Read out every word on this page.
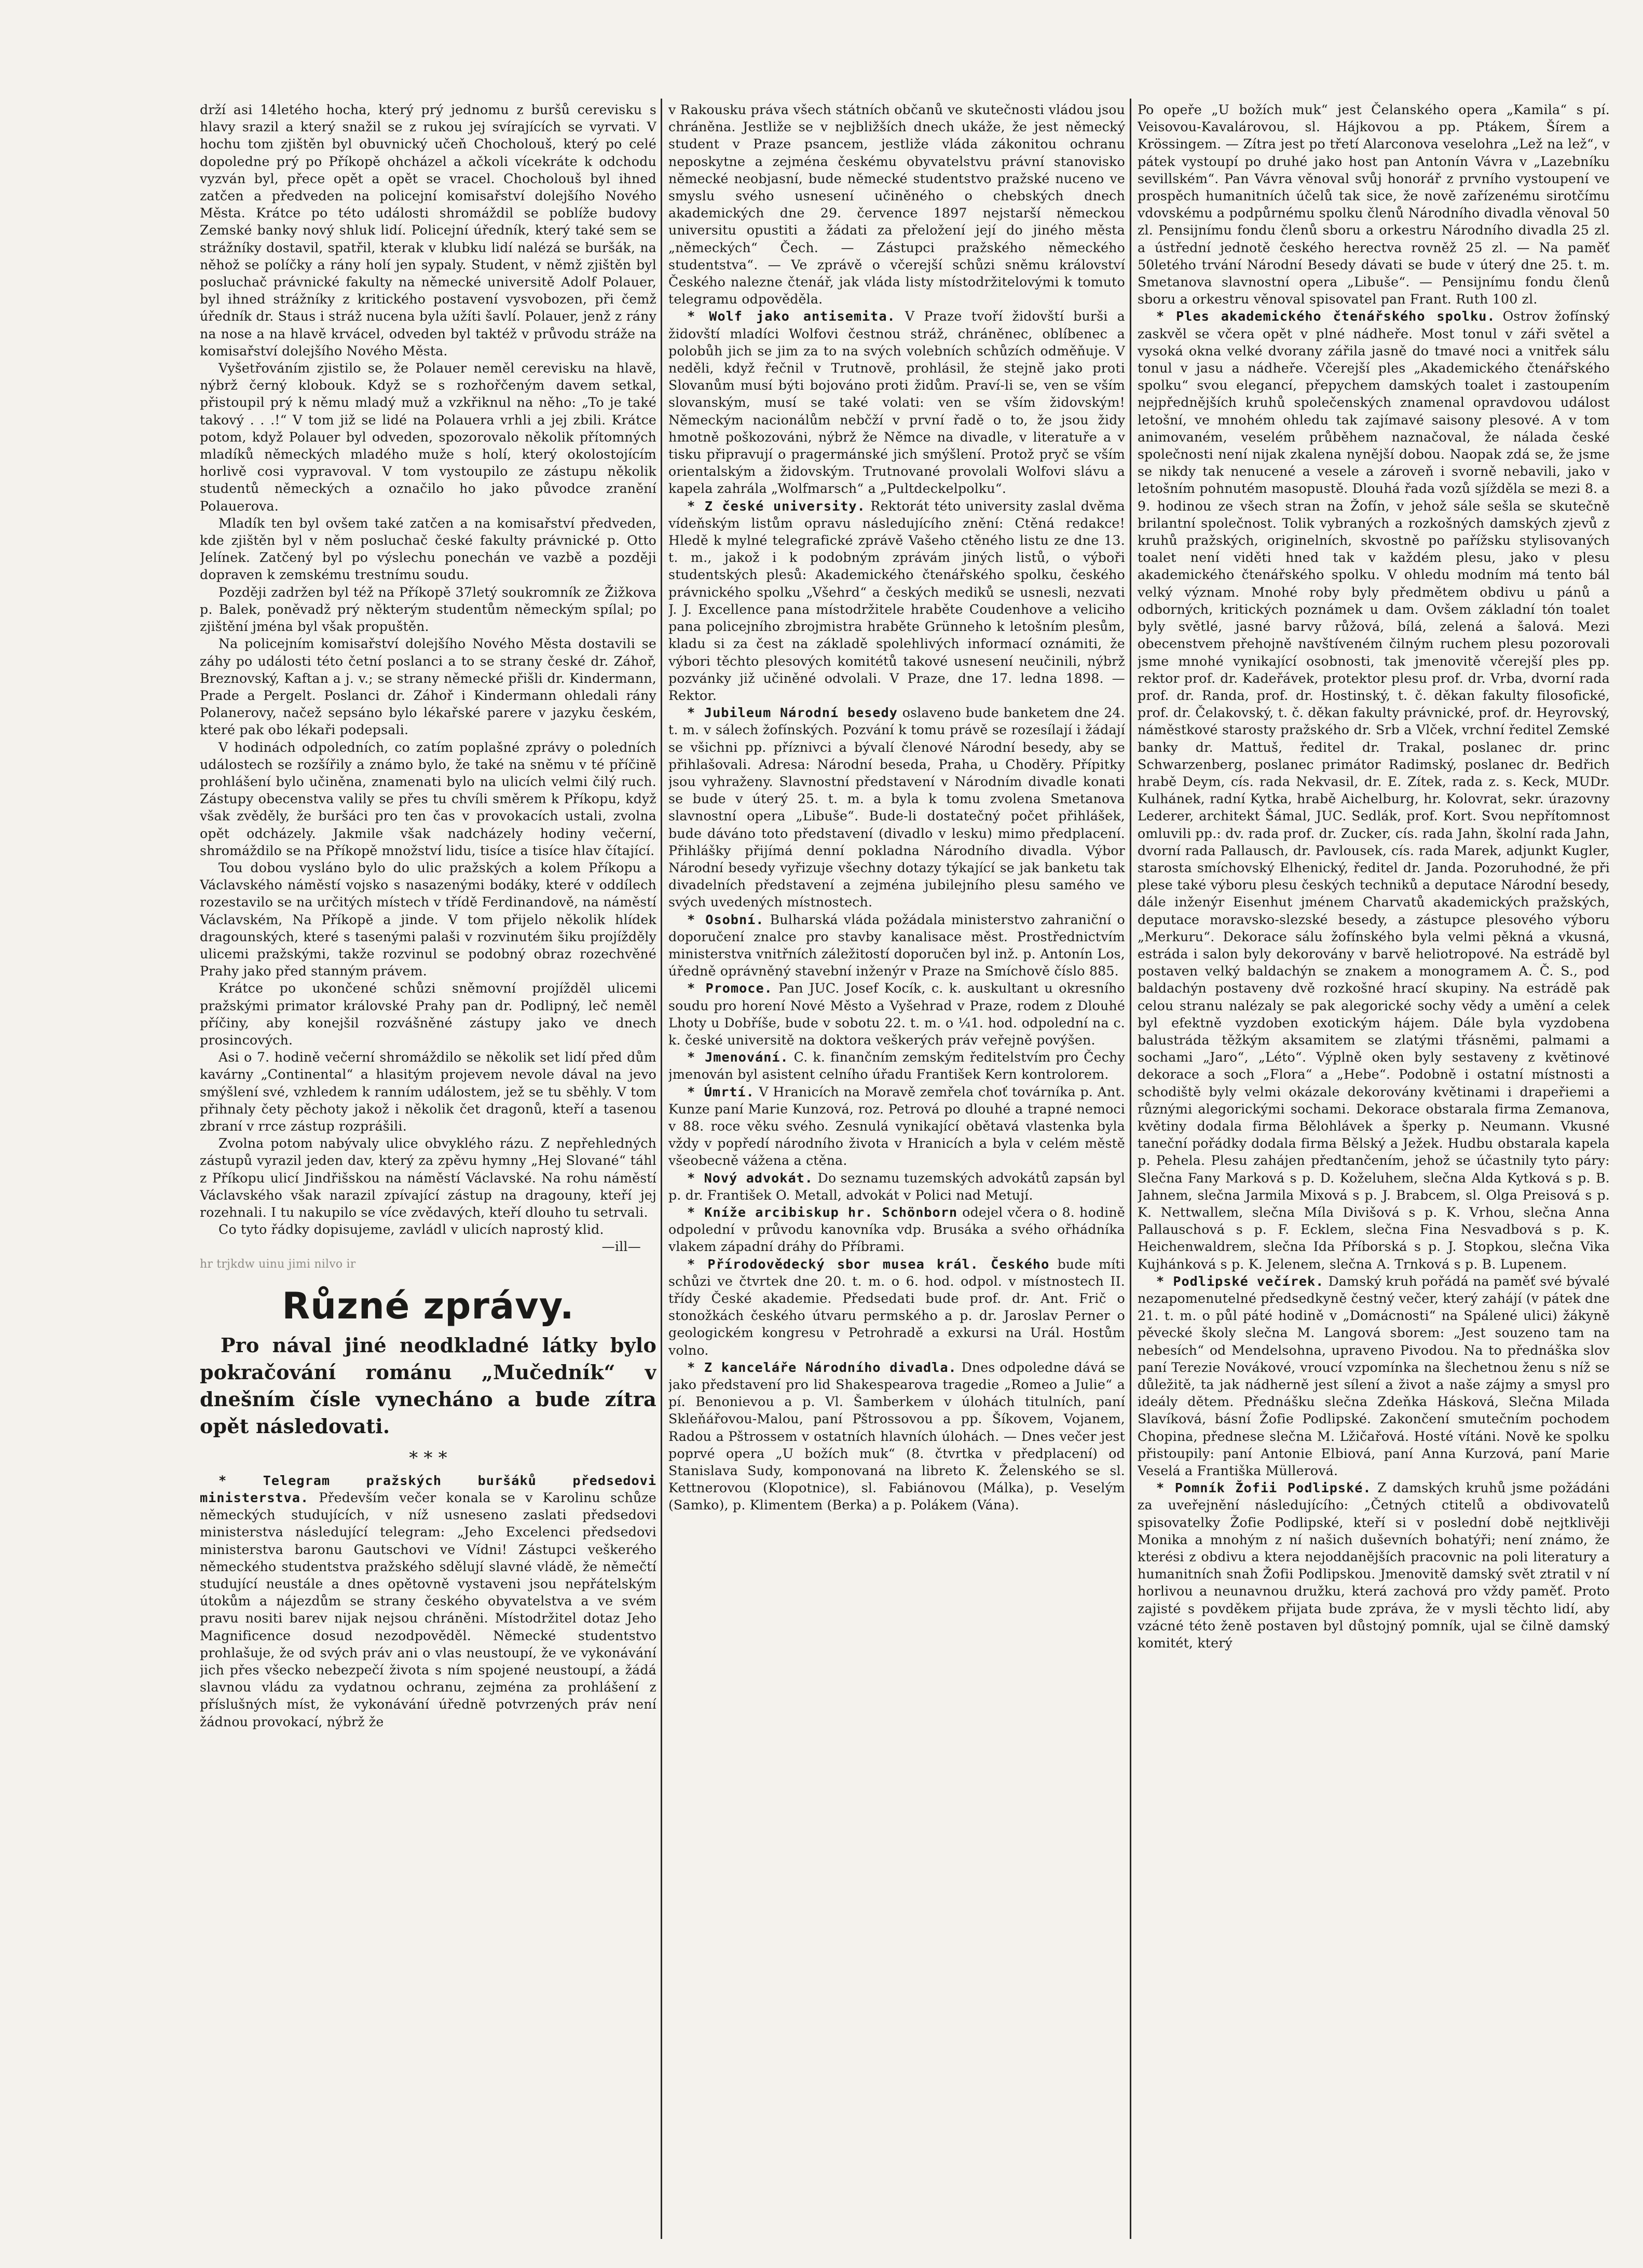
drží asi 14letého hocha, který prý jednomu z buršů cerevisku s hlavy srazil a který snažil se z rukou jej svírajících se vyrvati. V hochu tom zjištěn byl obuvnický učeň Chocholouš, který po celé dopoledne prý po Příkopě ohcházel a ačkoli vícekráte k odchodu vyzván byl, přece opět a opět se vracel. Chocholouš byl ihned zatčen a předveden na policejní komisařství dolejšího Nového Města. Krátce po této události shromáždil se poblíže budovy Zemské banky nový shluk lidí. Policejní úředník, který také sem se strážníky dostavil, spatřil, kterak v klubku lidí nalézá se buršák, na něhož se políčky a rány holí jen sypaly. Student, v němž zjištěn byl posluchač právnické fakulty na německé universitě Adolf Polauer, byl ihned strážníky z kritického postavení vysvobozen, při čemž úředník dr. Staus i stráž nucena byla užíti šavlí. Polauer, jenž z rány na nose a na hlavě krvácel, odveden byl taktéž v průvodu stráže na komisařství dolejšího Nového Města.

Vyšetřováním zjistilo se, že Polauer neměl cerevisku na hlavě, nýbrž černý klobouk. Když se s rozhořčeným davem setkal, přistoupil prý k němu mladý muž a vzkřiknul na něho: „To je také takový . . .!“ V tom již se lidé na Polauera vrhli a jej zbili. Krátce potom, když Polauer byl odveden, spozorovalo několik přítomných mladíků německých mladého muže s holí, který okolostojícím horlivě cosi vypravoval. V tom vystoupilo ze zástupu několik studentů německých a označilo ho jako původce zranění Polauerova.

Mladík ten byl ovšem také zatčen a na komisařství předveden, kde zjištěn byl v něm posluchač české fakulty právnické p. Otto Jelínek. Zatčený byl po výslechu ponechán ve vazbě a později dopraven k zemskému trestnímu soudu.

Později zadržen byl též na Příkopě 37letý soukromník ze Žižkova p. Balek, poněvadž prý některým studentům německým spílal; po zjištění jména byl však propuštěn.

Na policejním komisařství dolejšího Nového Města dostavili se záhy po události této četní poslanci a to se strany české dr. Záhoř, Breznovský, Kaftan a j. v.; se strany německé přišli dr. Kindermann, Prade a Pergelt. Poslanci dr. Záhoř i Kindermann ohledali rány Polanerovy, načež sepsáno bylo lékařské parere v jazyku českém, které pak obo lékaři podepsali.

V hodinách odpoledních, co zatím poplašné zprávy o poledních událostech se rozšířily a známo bylo, že také na sněmu v té příčině prohlášení bylo učiněna, znamenati bylo na ulicích velmi čilý ruch. Zástupy obecenstva valily se přes tu chvíli směrem k Příkopu, když však zvěděly, že buršáci pro ten čas v provokacích ustali, zvolna opět odcházely. Jakmile však nadcházely hodiny večerní, shromáždilo se na Příkopě množství lidu, tisíce a tisíce hlav čítající.

Tou dobou vysláno bylo do ulic pražských a kolem Příkopu a Václavského náměstí vojsko s nasazenými bodáky, které v oddílech rozestavilo se na určitých místech v třídě Ferdinandově, na náměstí Václavském, Na Příkopě a jinde. V tom přijelo několik hlídek dragounských, které s tasenými palaši v rozvinutém šiku projížděly ulicemi pražskými, takže rozvinul se podobný obraz rozechvěné Prahy jako před stanným právem.

Krátce po ukončené schůzi sněmovní projížděl ulicemi pražskými primator královské Prahy pan dr. Podlipný, leč neměl příčiny, aby konejšil rozvášněné zástupy jako ve dnech prosincových.

Asi o 7. hodině večerní shromáždilo se několik set lidí před dům kavárny „Continental“ a hlasitým projevem nevole dával na jevo smýšlení své, vzhledem k ranním událostem, jež se tu sběhly. V tom přihnaly čety pěchoty jakož i několik čet dragonů, kteří a tasenou zbraní v rrce zástup rozprášili.

Zvolna potom nabývaly ulice obvyklého rázu. Z nepřehledných zástupů vyrazil jeden dav, který za zpěvu hymny „Hej Slované“ táhl z Příkopu ulicí Jindřišskou na náměstí Václavské. Na rohu náměstí Václavského však narazil zpívající zástup na dragouny, kteří jej rozehnali. I tu nakupilo se více zvědavých, kteří dlouho tu setrvali.

Co tyto řádky dopisujeme, zavládl v ulicích naprostý klid.

—ill—

hr trjkdw uinu jimi nilvo ir

Různé zprávy.

Pro nával jiné neodkladné látky bylo pokračování románu „Mučedník“ v dnešním čísle vynecháno a bude zítra opět následovati.

* * *

* Telegram pražských buršáků předsedovi ministerstva. Především večer konala se v Karolinu schůze německých studujících, v níž usneseno zaslati předsedovi ministerstva následující telegram: „Jeho Excelenci předsedovi ministerstva baronu Gautschovi ve Vídni! Zástupci veškerého německého studentstva pražského sdělují slavné vládě, že němečtí studující neustále a dnes opětovně vystaveni jsou nepřátelským útokům a nájezdům se strany českého obyvatelstva a ve svém pravu nositi barev nijak nejsou chráněni. Místodržitel dotaz Jeho Magnificence dosud nezodpověděl. Německé studentstvo prohlašuje, že od svých práv ani o vlas neustoupí, že ve vykonávání jich přes všecko nebezpečí života s ním spojené neustoupí, a žádá slavnou vládu za vydatnou ochranu, zejména za prohlášení z příslušných míst, že vykonávání úředně potvrzených práv není žádnou provokací, nýbrž že

v Rakousku práva všech státních občanů ve skutečnosti vládou jsou chráněna. Jestliže se v nejbližších dnech ukáže, že jest německý student v Praze psancem, jestliže vláda zákonitou ochranu neposkytne a zejména českému obyvatelstvu právní stanovisko německé neobjasní, bude německé studentstvo pražské nuceno ve smyslu svého usnesení učiněného o chebských dnech akademických dne 29. července 1897 nejstarší německou universitu opustiti a žádati za přeložení její do jiného města „německých“ Čech. — Zástupci pražského německého studentstva“. — Ve zprávě o včerejší schůzi sněmu království Českého nalezne čtenář, jak vláda listy místodržitelovými k tomuto telegramu odpověděla.

* Wolf jako antisemita. V Praze tvoří židovští burši a židovští mladíci Wolfovi čestnou stráž, chráněnec, oblíbenec a polobůh jich se jim za to na svých volebních schůzích odměňuje. V neděli, když řečnil v Trutnově, prohlásil, že stejně jako proti Slovanům musí býti bojováno proti židům. Praví-li se, ven se vším slovanským, musí se také volati: ven se vším židovským! Německým nacionálům nebčží v první řadě o to, že jsou židy hmotně poškozováni, nýbrž že Němce na divadle, v literatuře a v tisku připravují o pragermánské jich smýšlení. Protož pryč se vším orientalským a židovským. Trutnované provolali Wolfovi slávu a kapela zahrála „Wolfmarsch“ a „Pultdeckelpolku“.

* Z české university. Rektorát této university zaslal dvěma vídeňským listům opravu následujícího znění: Ctěná redakce! Hledě k mylné telegrafické zprávě Vašeho ctěného listu ze dne 13. t. m., jakož i k podobným zprávám jiných listů, o výboři studentských plesů: Akademického čtenářského spolku, českého právnického spolku „Všehrd“ a českých mediků se usnesli, nezvati J. J. Excellence pana místodržitele hraběte Coudenhove a veliciho pana policejního zbrojmistra hraběte Grünneho k letošním plesům, kladu si za čest na základě spolehlivých informací oznámiti, že výbori těchto plesových komitétů takové usnesení neučinili, nýbrž pozvánky již učiněné odvolali. V Praze, dne 17. ledna 1898. — Rektor.

* Jubileum Národní besedy oslaveno bude banketem dne 24. t. m. v sálech žofínských. Pozvání k tomu právě se rozesílají i žádají se všichni pp. příznivci a bývalí členové Národní besedy, aby se přihlašovali. Adresa: Národní beseda, Praha, u Choděry. Přípitky jsou vyhraženy. Slavnostní představení v Národním divadle konati se bude v úterý 25. t. m. a byla k tomu zvolena Smetanova slavnostní opera „Libuše“. Bude-li dostatečný počet přihlášek, bude dáváno toto představení (divadlo v lesku) mimo předplacení. Přihlášky přijímá denní pokladna Národního divadla. Výbor Národní besedy vyřizuje všechny dotazy týkající se jak banketu tak divadelních představení a zejména jubilejního plesu samého ve svých uvedených místnostech.

* Osobní. Bulharská vláda požádala ministerstvo zahraniční o doporučení znalce pro stavby kanalisace měst. Prostřednictvím ministerstva vnitřních záležitostí doporučen byl inž. p. Antonín Los, úředně oprávněný stavební inženýr v Praze na Smíchově číslo 885.

* Promoce. Pan JUC. Josef Kocík, c. k. auskultant u okresního soudu pro horení Nové Město a Vyšehrad v Praze, rodem z Dlouhé Lhoty u Dobříše, bude v sobotu 22. t. m. o ¼1. hod. odpolední na c. k. české universitě na doktora veškerých práv veřejně povýšen.

* Jmenování. C. k. finančním zemským ředitelstvím pro Čechy jmenován byl asistent celního úřadu František Kern kontrolorem.

* Úmrtí. V Hranicích na Moravě zemřela choť továrníka p. Ant. Kunze paní Marie Kunzová, roz. Petrová po dlouhé a trapné nemoci v 88. roce věku svého. Zesnulá vynikající obětavá vlastenka byla vždy v popředí národního života v Hranicích a byla v celém městě všeobecně vážena a ctěna.

* Nový advokát. Do seznamu tuzemských advokátů zapsán byl p. dr. František O. Metall, advokát v Polici nad Metují.

* Kníže arcibiskup hr. Schönborn odejel včera o 8. hodině odpolední v průvodu kanovníka vdp. Brusáka a svého ořhádníka vlakem západní dráhy do Příbrami.

* Přírodovědecký sbor musea král. Českého bude míti schůzi ve čtvrtek dne 20. t. m. o 6. hod. odpol. v místnostech II. třídy České akademie. Předsedati bude prof. dr. Ant. Frič o stonožkách českého útvaru permského a p. dr. Jaroslav Perner o geologickém kongresu v Petrohradě a exkursi na Urál. Hostům volno.

* Z kanceláře Národního divadla. Dnes odpoledne dává se jako představení pro lid Shakespearova tragedie „Romeo a Julie“ a pí. Benonievou a p. Vl. Šamberkem v úlohách titulních, paní Skleňářovou-Malou, paní Pštrossovou a pp. Šíkovem, Vojanem, Radou a Pštrossem v ostatních hlavních úlohách. — Dnes večer jest poprvé opera „U božích muk“ (8. čtvrtka v předplacení) od Stanislava Sudy, komponovaná na libreto K. Želenského se sl. Kettnerovou (Klopotnice), sl. Fabiánovou (Málka), p. Veselým (Samko), p. Klimentem (Berka) a p. Polákem (Vána).

Po opeře „U božích muk“ jest Čelanského opera „Kamila“ s pí. Veisovou-Kavalárovou, sl. Hájkovou a pp. Ptákem, Šírem a Krössingem. — Zítra jest po třetí Alarconova veselohra „Lež na lež“, v pátek vystoupí po druhé jako host pan Antonín Vávra v „Lazebníku sevillském“. Pan Vávra věnoval svůj honorář z prvního vystoupení ve prospěch humanitních účelů tak sice, že nově zařízenému sirotčímu vdovskému a podpůrnému spolku členů Národního divadla věnoval 50 zl. Pensijnímu fondu členů sboru a orkestru Národního divadla 25 zl. a ústřední jednotě českého herectva rovněž 25 zl. — Na paměť 50letého trvání Národní Besedy dávati se bude v úterý dne 25. t. m. Smetanova slavnostní opera „Libuše“. — Pensijnímu fondu členů sboru a orkestru věnoval spisovatel pan Frant. Ruth 100 zl.

* Ples akademického čtenářského spolku. Ostrov žofínský zaskvěl se včera opět v plné nádheře. Most tonul v záři světel a vysoká okna velké dvorany zářila jasně do tmavé noci a vnitřek sálu tonul v jasu a nádheře. Včerejší ples „Akademického čtenářského spolku“ svou elegancí, přepychem damských toalet i zastoupením nejpřednějších kruhů společenských znamenal opravdovou událost letošní, ve mnohém ohledu tak zajímavé saisony plesové. A v tom animovaném, veselém průběhem naznačoval, že nálada české společnosti není nijak zkalena nynější dobou. Naopak zdá se, že jsme se nikdy tak nenucené a vesele a zároveň i svorně nebavili, jako v letošním pohnutém masopustě. Dlouhá řada vozů sjížděla se mezi 8. a 9. hodinou ze všech stran na Žofín, v jehož sále sešla se skutečně brilantní společnost. Tolik vybraných a rozkošných damských zjevů z kruhů pražských, originelních, skvostně po pařížsku stylisovaných toalet není viděti hned tak v každém plesu, jako v plesu akademického čtenářského spolku. V ohledu modním má tento bál velký význam. Mnohé roby byly předmětem obdivu u pánů a odborných, kritických poznámek u dam. Ovšem základní tón toalet byly světlé, jasné barvy růžová, bílá, zelená a šalová. Mezi obecenstvem přehojně navštíveném čilným ruchem plesu pozorovali jsme mnohé vynikající osobnosti, tak jmenovitě včerejší ples pp. rektor prof. dr. Kadeřávek, protektor plesu prof. dr. Vrba, dvorní rada prof. dr. Randa, prof. dr. Hostinský, t. č. děkan fakulty filosofické, prof. dr. Čelakovský, t. č. děkan fakulty právnické, prof. dr. Heyrovský, náměstkové starosty pražského dr. Srb a Vlček, vrchní ředitel Zemské banky dr. Mattuš, ředitel dr. Trakal, poslanec dr. princ Schwarzenberg, poslanec primátor Radimský, poslanec dr. Bedřich hrabě Deym, cís. rada Nekvasil, dr. E. Zítek, rada z. s. Keck, MUDr. Kulhánek, radní Kytka, hrabě Aichelburg, hr. Kolovrat, sekr. úrazovny Lederer, architekt Šámal, JUC. Sedlák, prof. Kort. Svou nepřítomnost omluvili pp.: dv. rada prof. dr. Zucker, cís. rada Jahn, školní rada Jahn, dvorní rada Pallausch, dr. Pavlousek, cís. rada Marek, adjunkt Kugler, starosta smíchovský Elhenický, ředitel dr. Janda. Pozoruhodné, že při plese také výboru plesu českých techniků a deputace Národní besedy, dále inženýr Eisenhut jménem Charvatů akademických pražských, deputace moravsko-slezské besedy, a zástupce plesového výboru „Merkuru“. Dekorace sálu žofínského byla velmi pěkná a vkusná, estráda i salon byly dekorovány v barvě heliotropové. Na estrádě byl postaven velký baldachýn se znakem a monogramem A. Č. S., pod baldachýn postaveny dvě rozkošné hrací skupiny. Na estrádě pak celou stranu nalézaly se pak alegorické sochy vědy a umění a celek byl efektně vyzdoben exotickým hájem. Dále byla vyzdobena balustráda těžkým aksamitem se zlatými třásněmi, palmami a sochami „Jaro“, „Léto“. Výplně oken byly sestaveny z květinové dekorace a soch „Flora“ a „Hebe“. Podobně i ostatní místnosti a schodiště byly velmi okázale dekorovány květinami i drapeřiemi a různými alegorickými sochami. Dekorace obstarala firma Zemanova, květiny dodala firma Bělohlávek a šperky p. Neumann. Vkusné taneční pořádky dodala firma Bělský a Ježek. Hudbu obstarala kapela p. Pehela. Plesu zahájen předtančením, jehož se účastnily tyto páry: Slečna Fany Marková s p. D. Koželuhem, slečna Alda Kytková s p. B. Jahnem, slečna Jarmila Mixová s p. J. Brabcem, sl. Olga Preisová s p. K. Nettwallem, slečna Míla Divišová s p. K. Vrhou, slečna Anna Pallauschová s p. F. Ecklem, slečna Fina Nesvadbová s p. K. Heichenwaldrem, slečna Ida Příborská s p. J. Stopkou, slečna Vika Kujhánková s p. K. Jelenem, slečna A. Trnková s p. B. Lupenem.

* Podlipské večírek. Damský kruh pořádá na paměť své bývalé nezapomenutelné předsedkyně čestný večer, který zahájí (v pátek dne 21. t. m. o půl páté hodině v „Domácnosti“ na Spálené ulici) žákyně pěvecké školy slečna M. Langová sborem: „Jest souzeno tam na nebesích“ od Mendelsohna, upraveno Pivodou. Na to přednáška slov paní Terezie Novákové, vroucí vzpomínka na šlechetnou ženu s níž se důležitě, ta jak nádherně jest sílení a život a naše zájmy a smysl pro ideály dětem. Přednášku slečna Zdeňka Hásková, Slečna Milada Slavíková, básní Žofie Podlipské. Zakončení smutečním pochodem Chopina, přednese slečna M. Lžičařová. Hosté vítáni. Nově ke spolku přistoupily: paní Antonie Elbiová, paní Anna Kurzová, paní Marie Veselá a Františka Müllerová.

* Pomník Žofii Podlipské. Z damských kruhů jsme požádáni za uveřejnění následujícího: „Četných ctitelů a obdivovatelů spisovatelky Žofie Podlipské, kteří si v poslední době nejtklivěji Monika a mnohým z ní našich duševních bohatýři; není známo, že kterési z obdivu a ktera nejoddanějších pracovnic na poli literatury a humanitních snah Žofii Podlipskou. Jmenovitě damský svět ztratil v ní horlivou a neunavnou družku, která zachová pro vždy paměť. Proto zajisté s povděkem přijata bude zpráva, že v mysli těchto lidí, aby vzácné této ženě postaven byl důstojný pomník, ujal se čilně damský komitét, který
